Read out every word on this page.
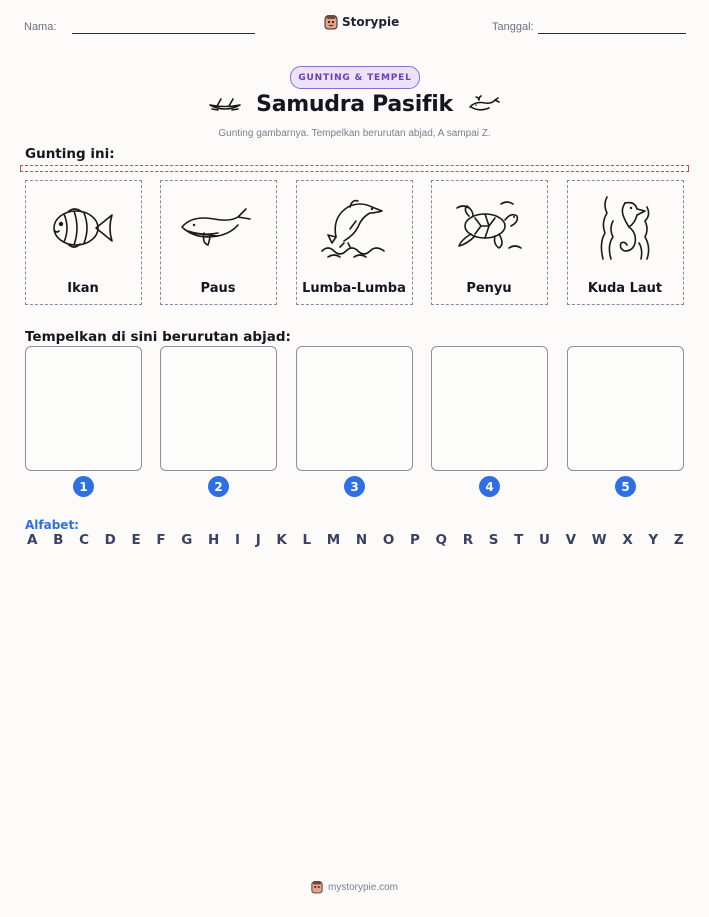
Nama:	Storypie	Tanggal:
GUNTING & TEMPEL
Samudra Pasifik
Gunting gambarnya. Tempelkan berurutan abjad, A sampai Z.
Gunting ini:
Ikan	Paus	Lumba-Lumba	Penyu	Kuda Laut
Tempelkan di sini berurutan abjad:
1	2	3	4	5
Alfabet:
A B C D E F G H I J K L M N O P Q R S T U V W X Y Z
mystorypie.com
